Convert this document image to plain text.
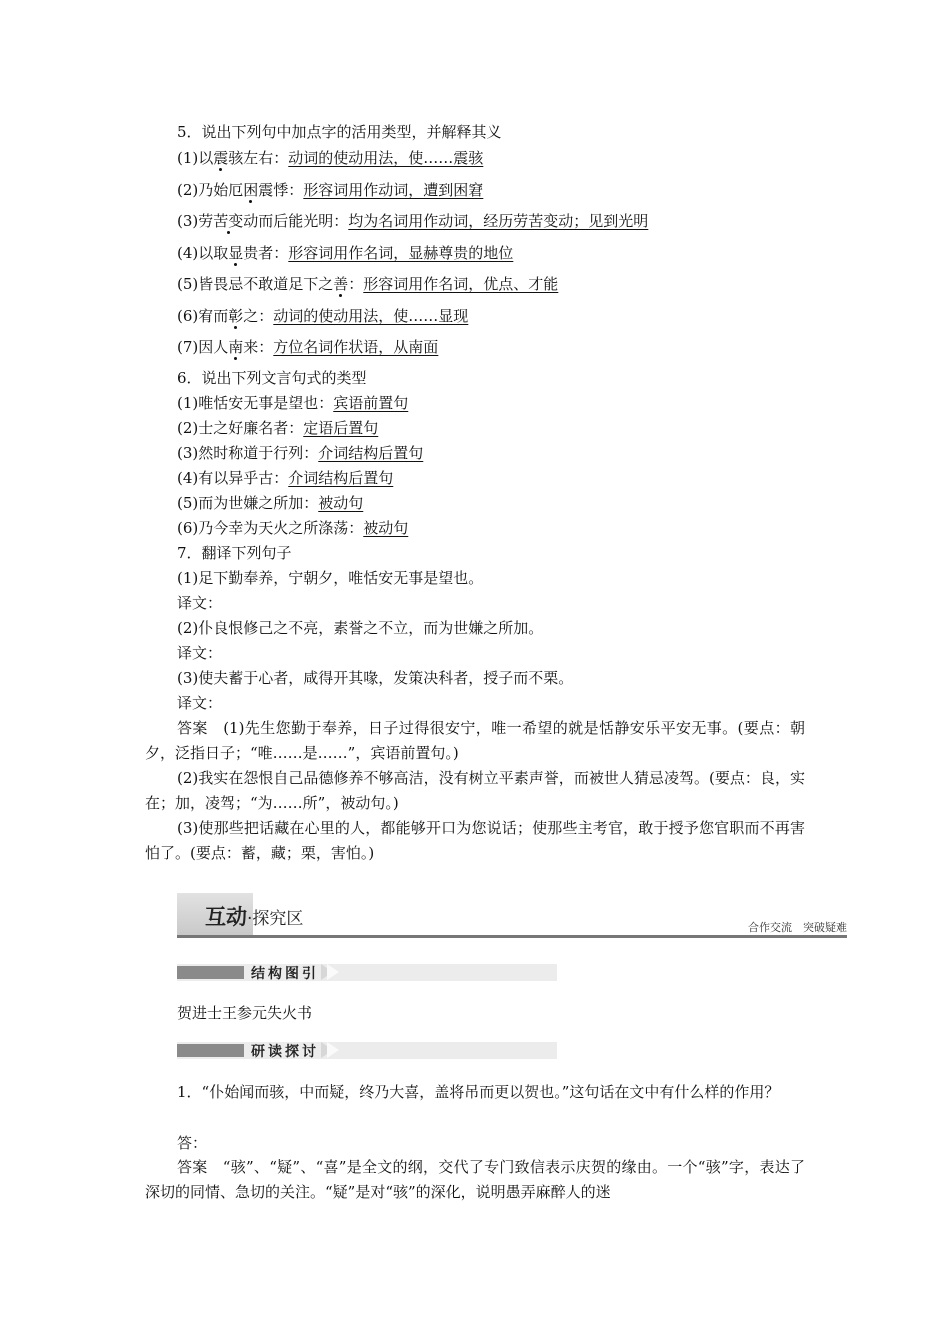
5．说出下列句中加点字的活用类型，并解释其义
(1)以震骇左右：动词的使动用法，使……震骇
(2)乃始厄困震悸：形容词用作动词，遭到困窘
(3)劳苦变动而后能光明：均为名词用作动词，经历劳苦变动；见到光明
(4)以取显贵者：形容词用作名词，显赫尊贵的地位
(5)皆畏忌不敢道足下之善：形容词用作名词，优点、才能
(6)宥而彰之：动词的使动用法，使……显现
(7)因人南来：方位名词作状语，从南面
6．说出下列文言句式的类型
(1)唯恬安无事是望也：宾语前置句
(2)士之好廉名者：定语后置句
(3)然时称道于行列：介词结构后置句
(4)有以异乎古：介词结构后置句
(5)而为世嫌之所加：被动句
(6)乃今幸为天火之所涤荡：被动句
7．翻译下列句子
(1)足下勤奉养，宁朝夕，唯恬安无事是望也。
译文：
(2)仆良恨修己之不亮，素誉之不立，而为世嫌之所加。
译文：
(3)使夫蓄于心者，咸得开其喙，发策决科者，授子而不栗。
译文：
答案　(1)先生您勤于奉养，日子过得很安宁，唯一希望的就是恬静安乐平安无事。(要点：朝夕，泛指日子；“唯……是……”，宾语前置句。)
(2)我实在怨恨自己品德修养不够高洁，没有树立平素声誉，而被世人猜忌凌驾。(要点：良，实在；加，凌驾；“为……所”，被动句。)
(3)使那些把话藏在心里的人，都能够开口为您说话；使那些主考官，敢于授予您官职而不再害怕了。(要点：蓄，藏；栗，害怕。)
互动·探究区	合作交流　突破疑难
结构图引
贺进士王参元失火书
研读探讨
1．“仆始闻而骇，中而疑，终乃大喜，盖将吊而更以贺也。”这句话在文中有什么样的作用？
答：
答案　“骇”、“疑”、“喜”是全文的纲，交代了专门致信表示庆贺的缘由。一个“骇”字，表达了深切的同情、急切的关注。“疑”是对“骇”的深化，说明愚弄麻醉人的迷
